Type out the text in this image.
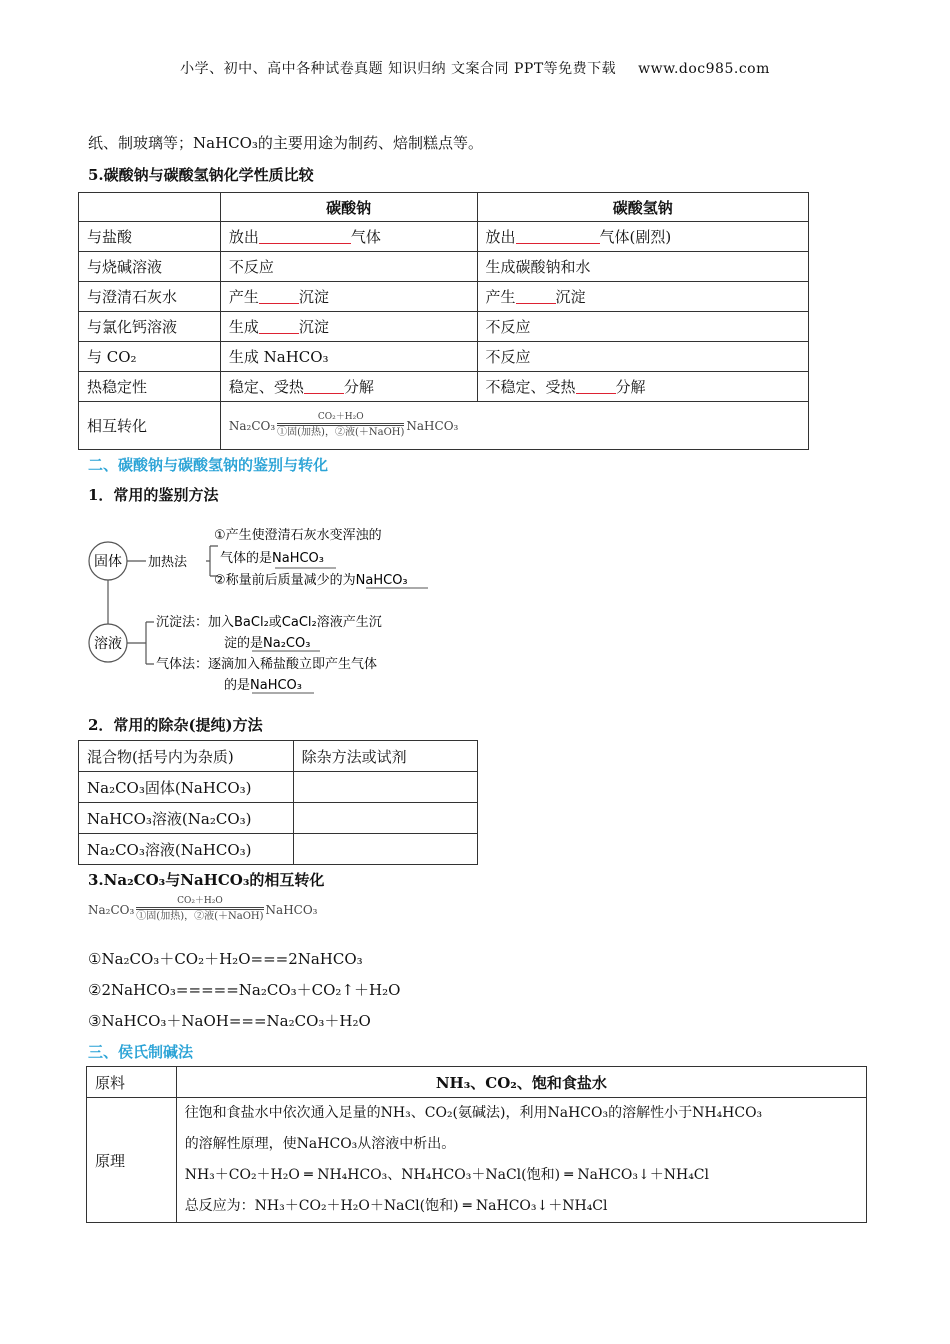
小学、初中、高中各种试卷真题 知识归纳 文案合同 PPT等免费下载 www.doc985.com
纸、制玻璃等；NaHCO₃的主要用途为制药、焙制糕点等。
5.碳酸钠与碳酸氢钠化学性质比较
	碳酸钠	碳酸氢钠
与盐酸	放出 气体	放出 气体(剧烈)
与烧碱溶液	不反应	生成碳酸钠和水
与澄清石灰水	产生 沉淀	产生 沉淀
与氯化钙溶液	生成 沉淀	不反应
与 CO₂	生成 NaHCO₃	不反应
热稳定性	稳定、受热 分解	不稳定、受热 分解
相互转化	Na₂CO₃
CO₂＋H₂O
①固(加热)，②液(＋NaOH) NaHCO₃	
二、碳酸钠与碳酸氢钠的鉴别与转化
1．常用的鉴别方法
固体
溶液
加热法
①产生使澄清石灰水变浑浊的
气体的是NaHCO₃
②称量前后质量减少的为NaHCO₃
沉淀法：加入BaCl₂或CaCl₂溶液产生沉
淀的是Na₂CO₃
气体法：逐滴加入稀盐酸立即产生气体
的是NaHCO₃
2．常用的除杂(提纯)方法
混合物(括号内为杂质)	除杂方法或试剂
Na₂CO₃固体(NaHCO₃)	
NaHCO₃溶液(Na₂CO₃)	
Na₂CO₃溶液(NaHCO₃)	
3.Na₂CO₃与NaHCO₃的相互转化
Na₂CO₃
CO₂＋H₂O
①固(加热)，②液(＋NaOH) NaHCO₃
①Na₂CO₃＋CO₂＋H₂O===2NaHCO₃
②2NaHCO₃=====Na₂CO₃＋CO₂↑＋H₂O
③NaHCO₃＋NaOH===Na₂CO₃＋H₂O
三、侯氏制碱法
原料	NH₃、CO₂、饱和食盐水
原理	往饱和食盐水中依次通入足量的NH₃、CO₂(氨碱法)，利用NaHCO₃的溶解性小于NH₄HCO₃
的溶解性原理，使NaHCO₃从溶液中析出。
NH₃＋CO₂＋H₂O ═ NH₄HCO₃、NH₄HCO₃＋NaCl(饱和) ═ NaHCO₃↓＋NH₄Cl
总反应为：NH₃＋CO₂＋H₂O＋NaCl(饱和) ═ NaHCO₃↓＋NH₄Cl
